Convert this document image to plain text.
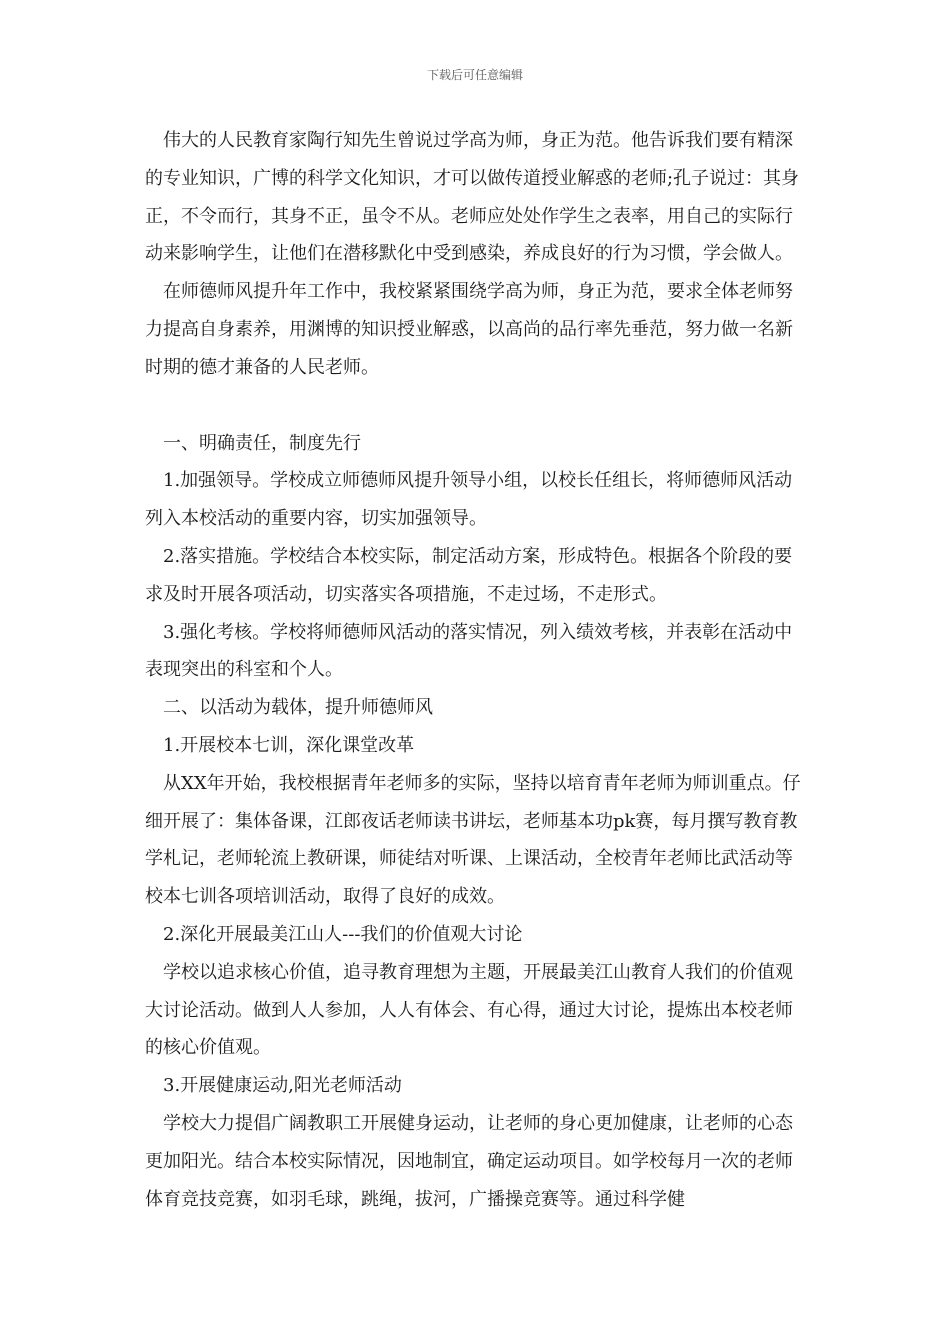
下载后可任意编辑

伟大的人民教育家陶行知先生曾说过学高为师，身正为范。他告诉我们要有精深的专业知识，广博的科学文化知识，才可以做传道授业解惑的老师;孔子说过：其身正，不令而行，其身不正，虽令不从。老师应处处作学生之表率，用自己的实际行动来影响学生，让他们在潜移默化中受到感染，养成良好的行为习惯，学会做人。

在师德师风提升年工作中，我校紧紧围绕学高为师，身正为范，要求全体老师努力提高自身素养，用渊博的知识授业解惑，以高尚的品行率先垂范，努力做一名新时期的德才兼备的人民老师。

一、明确责任，制度先行

1.加强领导。学校成立师德师风提升领导小组，以校长任组长，将师德师风活动列入本校活动的重要内容，切实加强领导。

2.落实措施。学校结合本校实际，制定活动方案，形成特色。根据各个阶段的要求及时开展各项活动，切实落实各项措施，不走过场，不走形式。

3.强化考核。学校将师德师风活动的落实情况，列入绩效考核，并表彰在活动中表现突出的科室和个人。

二、以活动为载体，提升师德师风

1.开展校本七训，深化课堂改革

从XX年开始，我校根据青年老师多的实际，坚持以培育青年老师为师训重点。仔细开展了：集体备课，江郎夜话老师读书讲坛，老师基本功pk赛，每月撰写教育教学札记，老师轮流上教研课，师徒结对听课、上课活动，全校青年老师比武活动等校本七训各项培训活动，取得了良好的成效。

2.深化开展最美江山人---我们的价值观大讨论

学校以追求核心价值，追寻教育理想为主题，开展最美江山教育人我们的价值观大讨论活动。做到人人参加，人人有体会、有心得，通过大讨论，提炼出本校老师的核心价值观。

3.开展健康运动,阳光老师活动

学校大力提倡广阔教职工开展健身运动，让老师的身心更加健康，让老师的心态更加阳光。结合本校实际情况，因地制宜，确定运动项目。如学校每月一次的老师体育竞技竞赛，如羽毛球，跳绳，拔河，广播操竞赛等。通过科学健
